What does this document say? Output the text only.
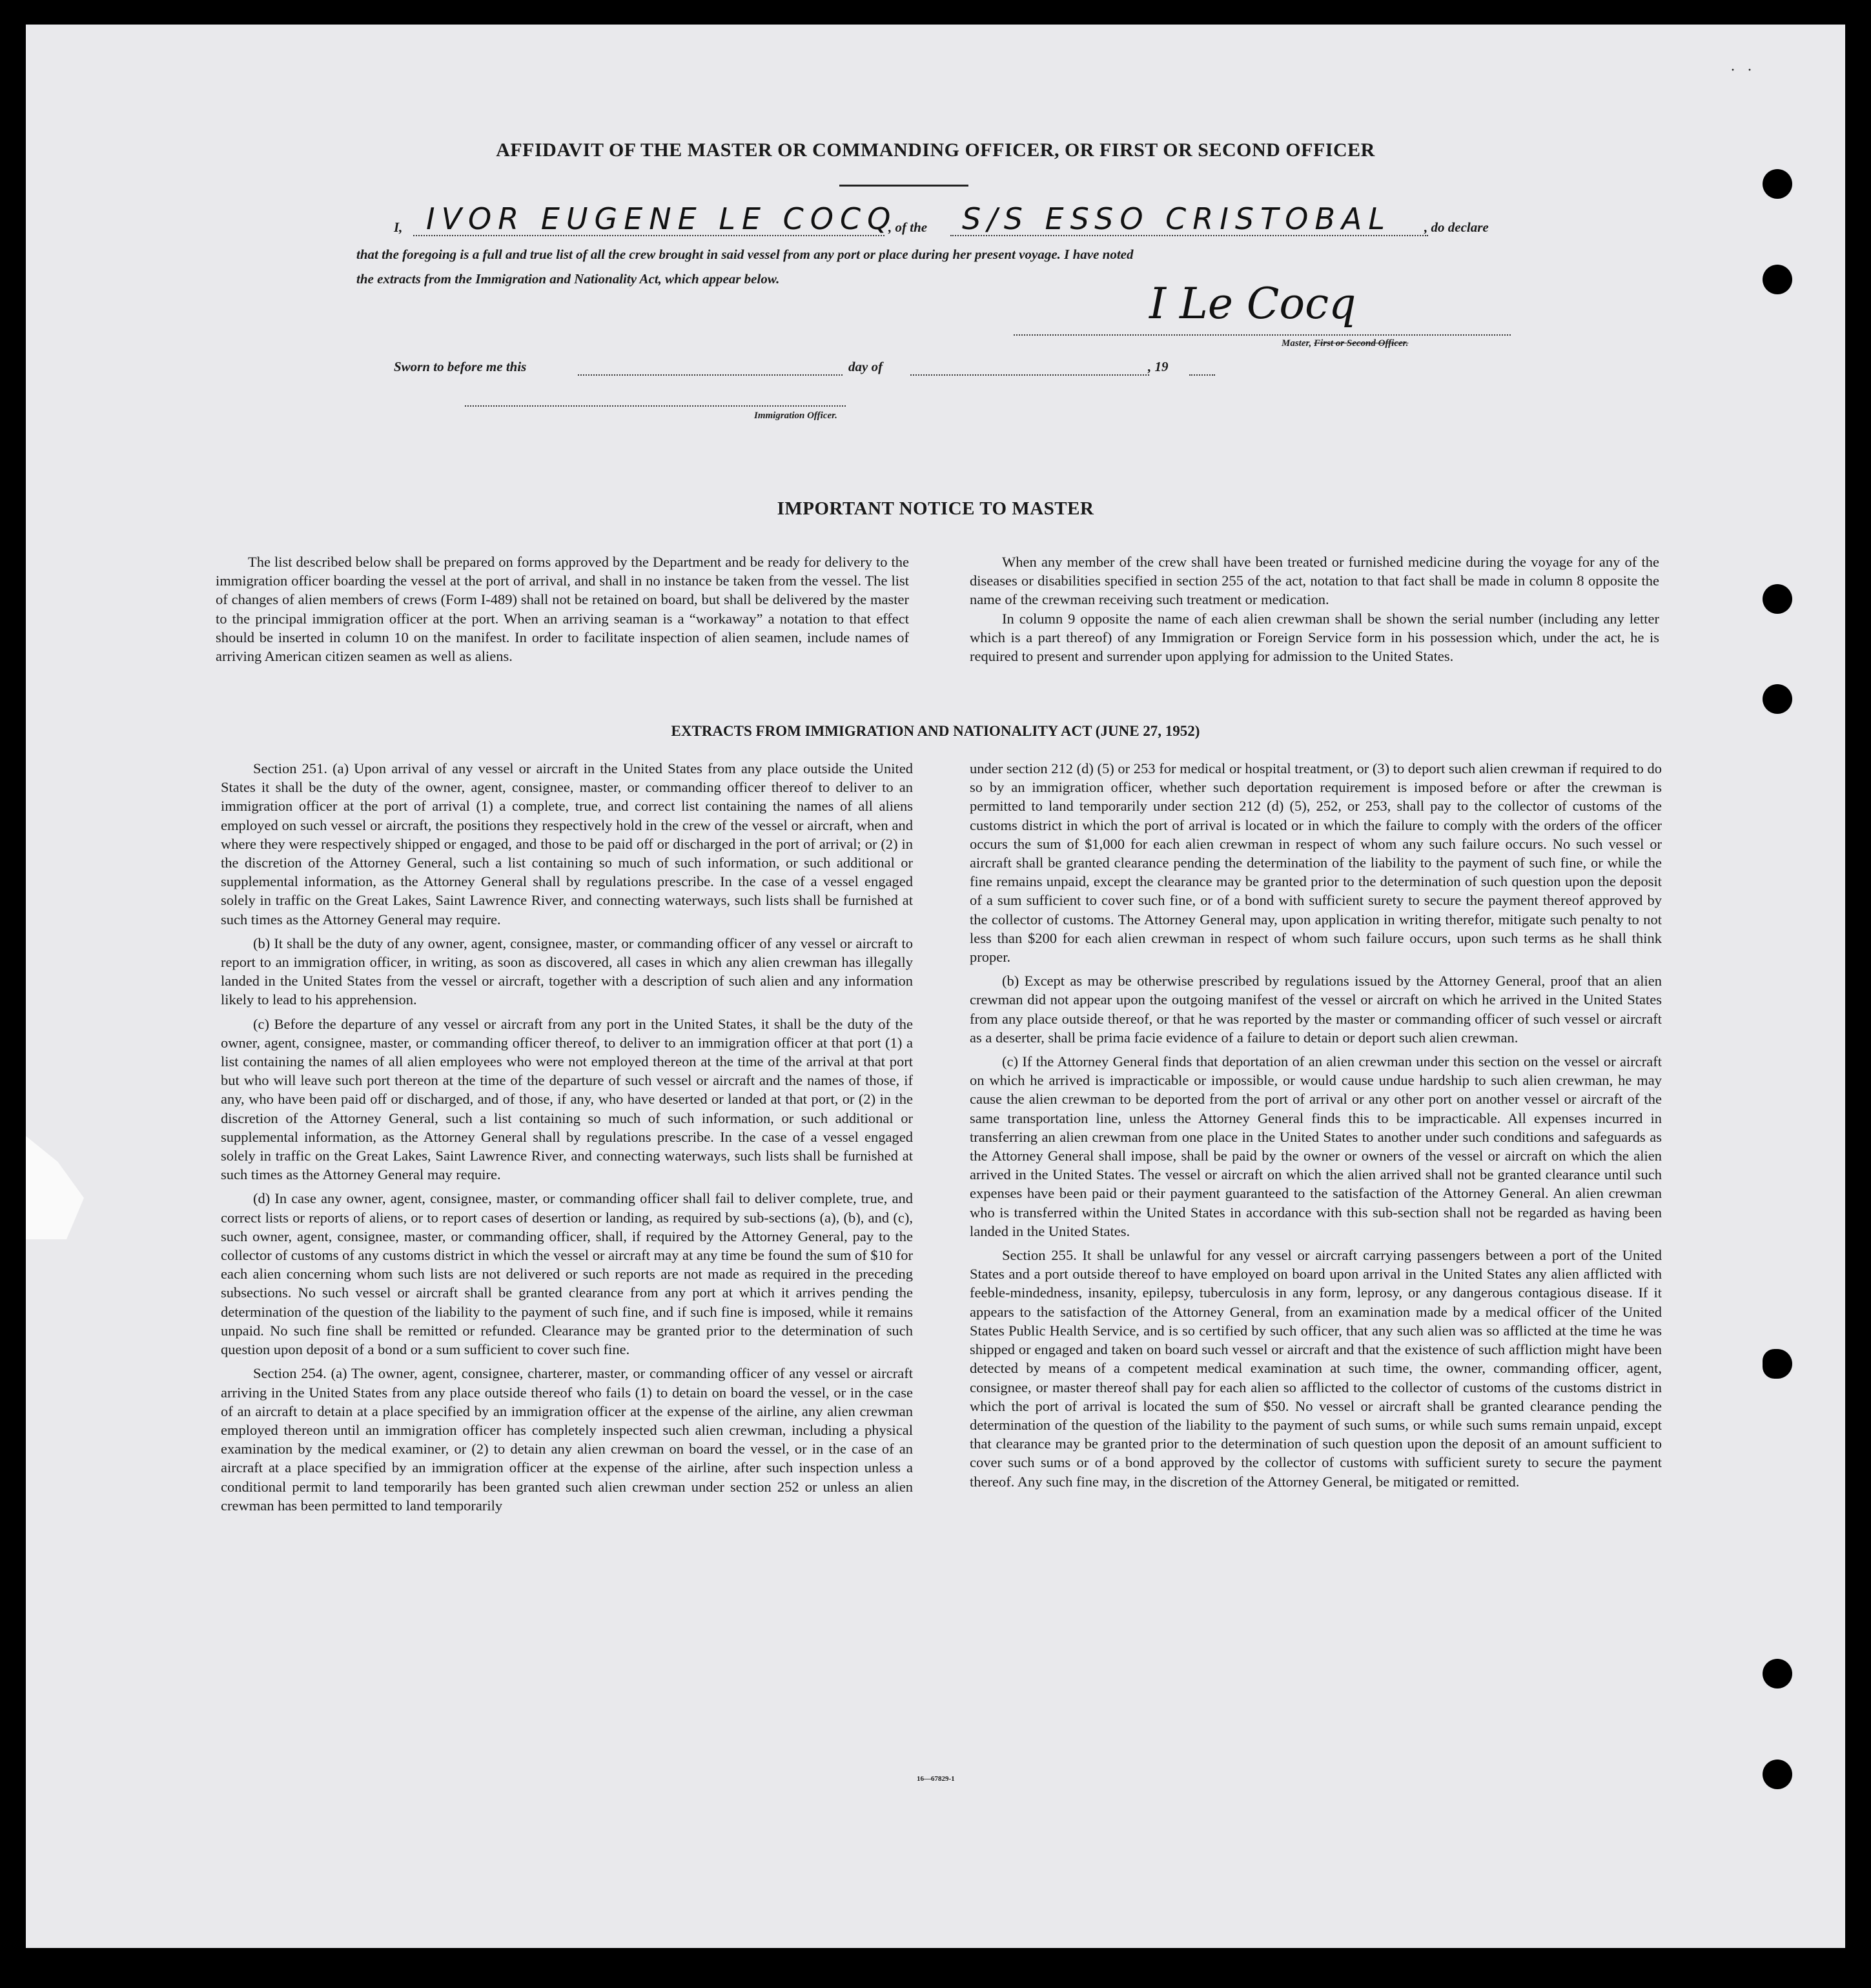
· ·
AFFIDAVIT OF THE MASTER OR COMMANDING OFFICER, OR FIRST OR SECOND OFFICER
I, IVOR EUGENE LE COCQ
, of the S/S ESSO CRISTOBAL , do declare
that the foregoing is a full and true list of all the crew brought in said vessel from any port or place during her present voyage. I have noted
the extracts from the Immigration and Nationality Act, which appear below.	I Le Cocq
Master, First or Second Officer.
Sworn to before me this	day of	, 19
Immigration Officer.
IMPORTANT NOTICE TO MASTER

The list described below shall be prepared on forms approved by the Department and be ready for delivery to the immigration officer boarding the vessel at the port of arrival, and shall in no instance be taken from the vessel. The list of changes of alien members of crews (Form I-489) shall not be retained on board, but shall be delivered by the master to the principal immigration officer at the port. When an arriving seaman is a “workaway” a notation to that effect should be inserted in column 10 on the manifest. In order to facilitate inspection of alien seamen, include names of arriving American citizen seamen as well as aliens.

When any member of the crew shall have been treated or furnished medicine during the voyage for any of the diseases or disabilities specified in section 255 of the act, notation to that fact shall be made in column 8 opposite the name of the crewman receiving such treatment or medication.

In column 9 opposite the name of each alien crewman shall be shown the serial number (including any letter which is a part thereof) of any Immigration or Foreign Service form in his possession which, under the act, he is required to present and surrender upon applying for admission to the United States.

EXTRACTS FROM IMMIGRATION AND NATIONALITY ACT (JUNE 27, 1952)

Section 251. (a) Upon arrival of any vessel or aircraft in the United States from any place outside the United States it shall be the duty of the owner, agent, consignee, master, or commanding officer thereof to deliver to an immigration officer at the port of arrival (1) a complete, true, and correct list containing the names of all aliens employed on such vessel or aircraft, the positions they respectively hold in the crew of the vessel or aircraft, when and where they were respectively shipped or engaged, and those to be paid off or discharged in the port of arrival; or (2) in the discretion of the Attorney General, such a list containing so much of such information, or such additional or supplemental information, as the Attorney General shall by regulations prescribe. In the case of a vessel engaged solely in traffic on the Great Lakes, Saint Lawrence River, and connecting waterways, such lists shall be furnished at such times as the Attorney General may require.

(b) It shall be the duty of any owner, agent, consignee, master, or commanding officer of any vessel or aircraft to report to an immigration officer, in writing, as soon as discovered, all cases in which any alien crewman has illegally landed in the United States from the vessel or aircraft, together with a description of such alien and any information likely to lead to his apprehension.

(c) Before the departure of any vessel or aircraft from any port in the United States, it shall be the duty of the owner, agent, consignee, master, or commanding officer thereof, to deliver to an immigration officer at that port (1) a list containing the names of all alien employees who were not employed thereon at the time of the arrival at that port but who will leave such port thereon at the time of the departure of such vessel or aircraft and the names of those, if any, who have been paid off or discharged, and of those, if any, who have deserted or landed at that port, or (2) in the discretion of the Attorney General, such a list containing so much of such information, or such additional or supplemental information, as the Attorney General shall by regulations prescribe. In the case of a vessel engaged solely in traffic on the Great Lakes, Saint Lawrence River, and connecting waterways, such lists shall be furnished at such times as the Attorney General may require.

(d) In case any owner, agent, consignee, master, or commanding officer shall fail to deliver complete, true, and correct lists or reports of aliens, or to report cases of desertion or landing, as required by sub-sections (a), (b), and (c), such owner, agent, consignee, master, or commanding officer, shall, if required by the Attorney General, pay to the collector of customs of any customs district in which the vessel or aircraft may at any time be found the sum of $10 for each alien concerning whom such lists are not delivered or such reports are not made as required in the preceding subsections. No such vessel or aircraft shall be granted clearance from any port at which it arrives pending the determination of the question of the liability to the payment of such fine, and if such fine is imposed, while it remains unpaid. No such fine shall be remitted or refunded. Clearance may be granted prior to the determination of such question upon deposit of a bond or a sum sufficient to cover such fine.

Section 254. (a) The owner, agent, consignee, charterer, master, or commanding officer of any vessel or aircraft arriving in the United States from any place outside thereof who fails (1) to detain on board the vessel, or in the case of an aircraft to detain at a place specified by an immigration officer at the expense of the airline, any alien crewman employed thereon until an immigration officer has completely inspected such alien crewman, including a physical examination by the medical examiner, or (2) to detain any alien crewman on board the vessel, or in the case of an aircraft at a place specified by an immigration officer at the expense of the airline, after such inspection unless a conditional permit to land temporarily has been granted such alien crewman under section 252 or unless an alien crewman has been permitted to land temporarily

under section 212 (d) (5) or 253 for medical or hospital treatment, or (3) to deport such alien crewman if required to do so by an immigration officer, whether such deportation requirement is imposed before or after the crewman is permitted to land temporarily under section 212 (d) (5), 252, or 253, shall pay to the collector of customs of the customs district in which the port of arrival is located or in which the failure to comply with the orders of the officer occurs the sum of $1,000 for each alien crewman in respect of whom any such failure occurs. No such vessel or aircraft shall be granted clearance pending the determination of the liability to the payment of such fine, or while the fine remains unpaid, except the clearance may be granted prior to the determination of such question upon the deposit of a sum sufficient to cover such fine, or of a bond with sufficient surety to secure the payment thereof approved by the collector of customs. The Attorney General may, upon application in writing therefor, mitigate such penalty to not less than $200 for each alien crewman in respect of whom such failure occurs, upon such terms as he shall think proper.

(b) Except as may be otherwise prescribed by regulations issued by the Attorney General, proof that an alien crewman did not appear upon the outgoing manifest of the vessel or aircraft on which he arrived in the United States from any place outside thereof, or that he was reported by the master or commanding officer of such vessel or aircraft as a deserter, shall be prima facie evidence of a failure to detain or deport such alien crewman.

(c) If the Attorney General finds that deportation of an alien crewman under this section on the vessel or aircraft on which he arrived is impracticable or impossible, or would cause undue hardship to such alien crewman, he may cause the alien crewman to be deported from the port of arrival or any other port on another vessel or aircraft of the same transportation line, unless the Attorney General finds this to be impracticable. All expenses incurred in transferring an alien crewman from one place in the United States to another under such conditions and safeguards as the Attorney General shall impose, shall be paid by the owner or owners of the vessel or aircraft on which the alien arrived in the United States. The vessel or aircraft on which the alien arrived shall not be granted clearance until such expenses have been paid or their payment guaranteed to the satisfaction of the Attorney General. An alien crewman who is transferred within the United States in accordance with this sub-section shall not be regarded as having been landed in the United States.

Section 255. It shall be unlawful for any vessel or aircraft carrying passengers between a port of the United States and a port outside thereof to have employed on board upon arrival in the United States any alien afflicted with feeble-mindedness, insanity, epilepsy, tuberculosis in any form, leprosy, or any dangerous contagious disease. If it appears to the satisfaction of the Attorney General, from an examination made by a medical officer of the United States Public Health Service, and is so certified by such officer, that any such alien was so afflicted at the time he was shipped or engaged and taken on board such vessel or aircraft and that the existence of such affliction might have been detected by means of a competent medical examination at such time, the owner, commanding officer, agent, consignee, or master thereof shall pay for each alien so afflicted to the collector of customs of the customs district in which the port of arrival is located the sum of $50. No vessel or aircraft shall be granted clearance pending the determination of the question of the liability to the payment of such sums, or while such sums remain unpaid, except that clearance may be granted prior to the determination of such question upon the deposit of an amount sufficient to cover such sums or of a bond approved by the collector of customs with sufficient surety to secure the payment thereof. Any such fine may, in the discretion of the Attorney General, be mitigated or remitted.

16—67829-1
